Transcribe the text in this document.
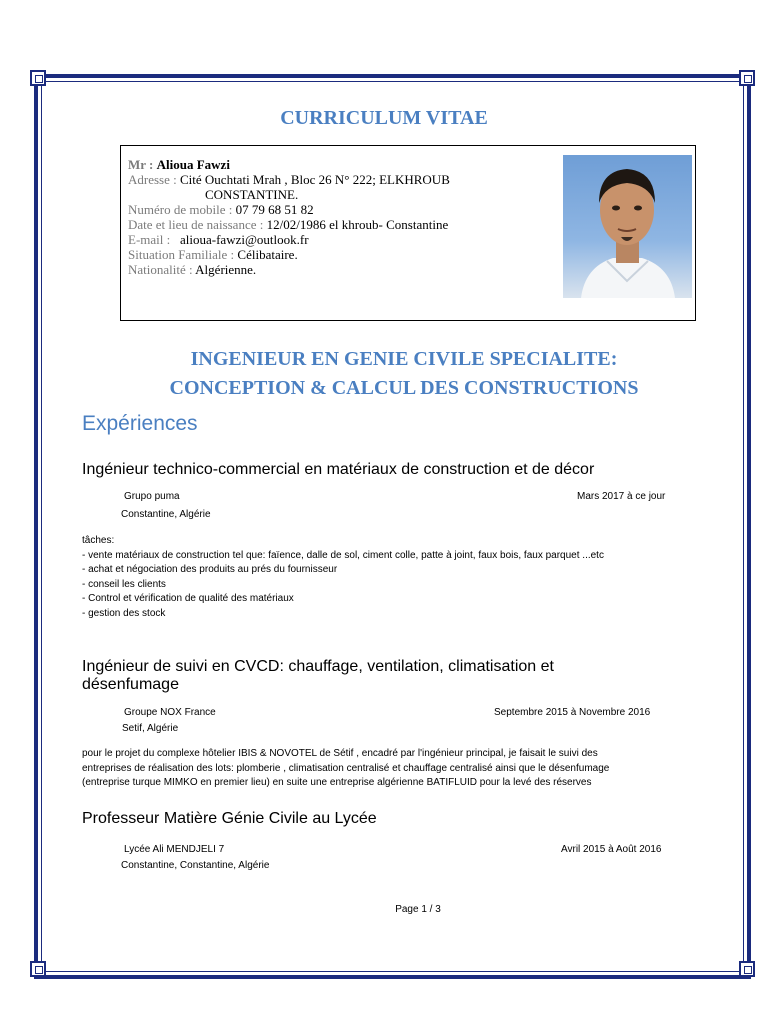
CURRICULUM VITAE
Mr : Alioua Fawzi
Adresse : Cité Ouchtati Mrah , Bloc 26 N° 222; ELKHROUB
CONSTANTINE.
Numéro de mobile : 07 79 68 51 82
Date et lieu de naissance : 12/02/1986 el khroub- Constantine
E-mail : alioua-fawzi@outlook.fr
Situation Familiale : Célibataire.
Nationalité : Algérienne.
INGENIEUR EN GENIE CIVILE SPECIALITE:
CONCEPTION & CALCUL DES CONSTRUCTIONS
Expériences
Ingénieur technico-commercial en matériaux de construction et de décor
Grupo puma	Mars 2017 à ce jour
Constantine, Algérie
tâches:
- vente matériaux de construction tel que: faïence, dalle de sol, ciment colle, patte à joint, faux bois, faux parquet ...etc
- achat et négociation des produits au prés du fournisseur
- conseil les clients
- Control et vérification de qualité des matériaux
- gestion des stock
Ingénieur de suivi en CVCD: chauffage, ventilation, climatisation et
désenfumage
Groupe NOX France	Septembre 2015 à Novembre 2016
Setif, Algérie
pour le projet du complexe hôtelier IBIS & NOVOTEL de Sétif , encadré par l'ingénieur principal, je faisait le suivi des
entreprises de réalisation des lots: plomberie , climatisation centralisé et chauffage centralisé ainsi que le désenfumage
(entreprise turque MIMKO en premier lieu) en suite une entreprise algérienne BATIFLUID pour la levé des réserves
Professeur Matière Génie Civile au Lycée
Lycée Ali MENDJELI 7	Avril 2015 à Août 2016
Constantine, Constantine, Algérie
Page 1 / 3
